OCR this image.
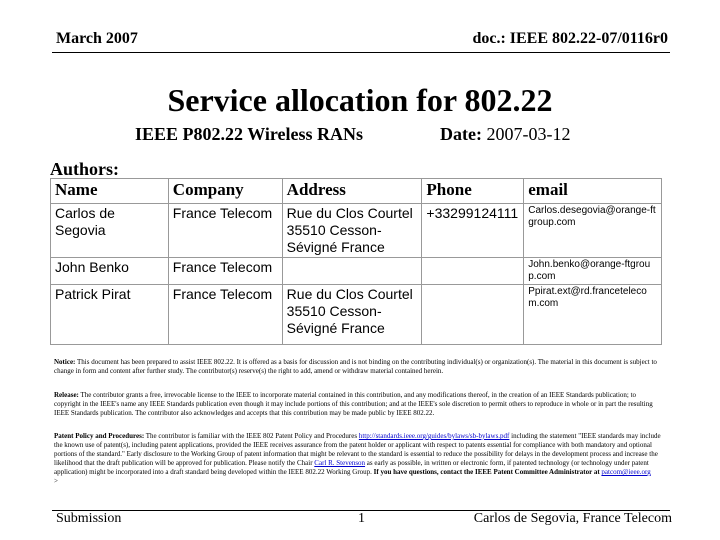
March 2007	doc.: IEEE 802.22-07/0116r0
Service allocation for 802.22
IEEE P802.22 Wireless RANs	Date: 2007-03-12
Authors:
Name	Company	Address	Phone	email
Carlos de Segovia	France Telecom	Rue du Clos Courtel 35510 Cesson-Sévigné France	+33299124111	Carlos.desegovia@orange-ftgroup.com
John Benko	France Telecom			John.benko@orange-ftgroup.com
Patrick Pirat	France Telecom	Rue du Clos Courtel 35510 Cesson-Sévigné France		Ppirat.ext@rd.francetelecom.com
Notice: This document has been prepared to assist IEEE 802.22. It is offered as a basis for discussion and is not binding on the contributing individual(s) or organization(s). The material in this document is subject to change in form and content after further study. The contributor(s) reserve(s) the right to add, amend or withdraw material contained herein.
Release: The contributor grants a free, irrevocable license to the IEEE to incorporate material contained in this contribution, and any modifications thereof, in the creation of an IEEE Standards publication; to copyright in the IEEE's name any IEEE Standards publication even though it may include portions of this contribution; and at the IEEE's sole discretion to permit others to reproduce in whole or in part the resulting IEEE Standards publication. The contributor also acknowledges and accepts that this contribution may be made public by IEEE 802.22.
Patent Policy and Procedures: The contributor is familiar with the IEEE 802 Patent Policy and Procedures http://standards.ieee.org/guides/bylaws/sb-bylaws.pdf including the statement "IEEE standards may include the known use of patent(s), including patent applications, provided the IEEE receives assurance from the patent holder or applicant with respect to patents essential for compliance with both mandatory and optional portions of the standard." Early disclosure to the Working Group of patent information that might be relevant to the standard is essential to reduce the possibility for delays in the development process and increase the likelihood that the draft publication will be approved for publication. Please notify the Chair Carl R. Stevenson as early as possible, in written or electronic form, if patented technology (or technology under patent application) might be incorporated into a draft standard being developed within the IEEE 802.22 Working Group. If you have questions, contact the IEEE Patent Committee Administrator at patcom@ieee.org
>
Submission	1	Carlos de Segovia, France Telecom
